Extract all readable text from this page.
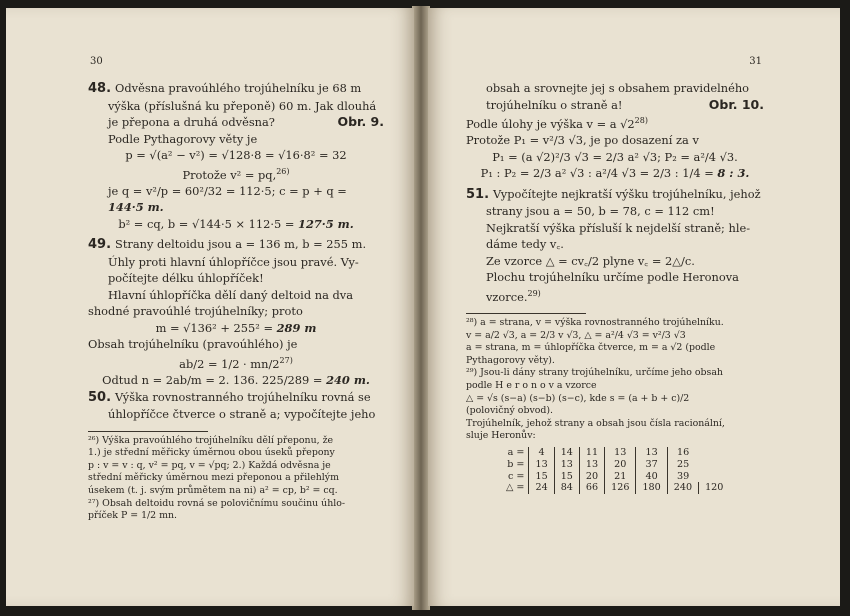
30

48. Odvěsna pravoúhlého trojúhelníku je 68 m

výška (příslušná ku přeponě) 60 m. Jak dlouhá

Obr. 9.
je přepona a druhá odvěsna?

Podle Pythagorovy věty je

p = √(a² − v²) = √128·8 = √16·8² = 32

Protože v² = pq,$^{26)}$

je q = v²/p = 60²/32 = 112·5; c = p + q = 144·5 m.

b² = cq, b = √144·5 × 112·5 = 127·5 m.

49. Strany deltoidu jsou a = 136 m, b = 255 m.

Úhly proti hlavní úhlopříčce jsou pravé. Vy-

počítejte délku úhlopříček!

Hlavní úhlopříčka dělí daný deltoid na dva

shodné pravoúhlé trojúhelníky; proto

m = √136² + 255² = 289 m

Obsah trojúhelníku (pravoúhlého) je

$ab/2 = 1/2 \cdot mn/2^{27)}$

Odtud n = 2ab/m = 2. 136. 225/289 = 240 m.

50. Výška rovnostranného trojúhelníku rovná se

úhlopříčce čtverce o straně a; vypočítejte jeho

²⁶) Výška pravoúhlého trojúhelníku dělí přeponu, že

1.) je střední měřicky úměrnou obou úseků přepony

p : v = v : q, v² = pq, v = √pq; 2.) Každá odvěsna je

střední měřicky úměrnou mezi přeponou a přilehlým

úsekem (t. j. svým průmětem na ni) a² = cp, b² = cq.

²⁷) Obsah deltoidu rovná se polovičnímu součinu úhlo-

příček P = 1/2 mn.

31

obsah a srovnejte jej s obsahem pravidelného

Obr. 10.
trojúhelníku o straně a!

Podle úlohy je výška v = a √2$^{28)}$

Protože P₁ = v²/3 √3, je po dosazení za v

P₁ = (a √2)²/3 √3 = 2/3 a² √3; P₂ = a²/4 √3.

P₁ : P₂ = 2/3 a² √3 : a²/4 √3 = 2/3 : 1/4 = 8 : 3.

51. Vypočítejte nejkratší výšku trojúhelníku, jehož

strany jsou a = 50, b = 78, c = 112 cm!

Nejkratší výška přísluší k nejdelší straně; hle-

dáme tedy v꜀.

Ze vzorce △ = cv꜀/2 plyne v꜀ = 2△/c.

Plochu trojúhelníku určíme podle Heronova

vzorce.$^{29)}$

²⁸) a = strana, v = výška rovnostranného trojúhelníku.

v = a/2 √3, a = 2/3 v √3, △ = a²/4 √3 = v²/3 √3

a = strana, m = úhlopříčka čtverce, m = a √2 (podle

Pythagorovy věty).

²⁹) Jsou-li dány strany trojúhelníku, určíme jeho obsah

podle H e r o n o v a vzorce

△ = √s (s−a) (s−b) (s−c), kde s = (a + b + c)/2

(polovičný obvod).

Trojúhelník, jehož strany a obsah jsou čísla racionální,

sluje Heronův:

a =	4	14	11	13	13	16	
b =	13	13	13	20	37	25	
c =	15	15	20	21	40	39	
△ =	24	84	66	126	180	240	120
